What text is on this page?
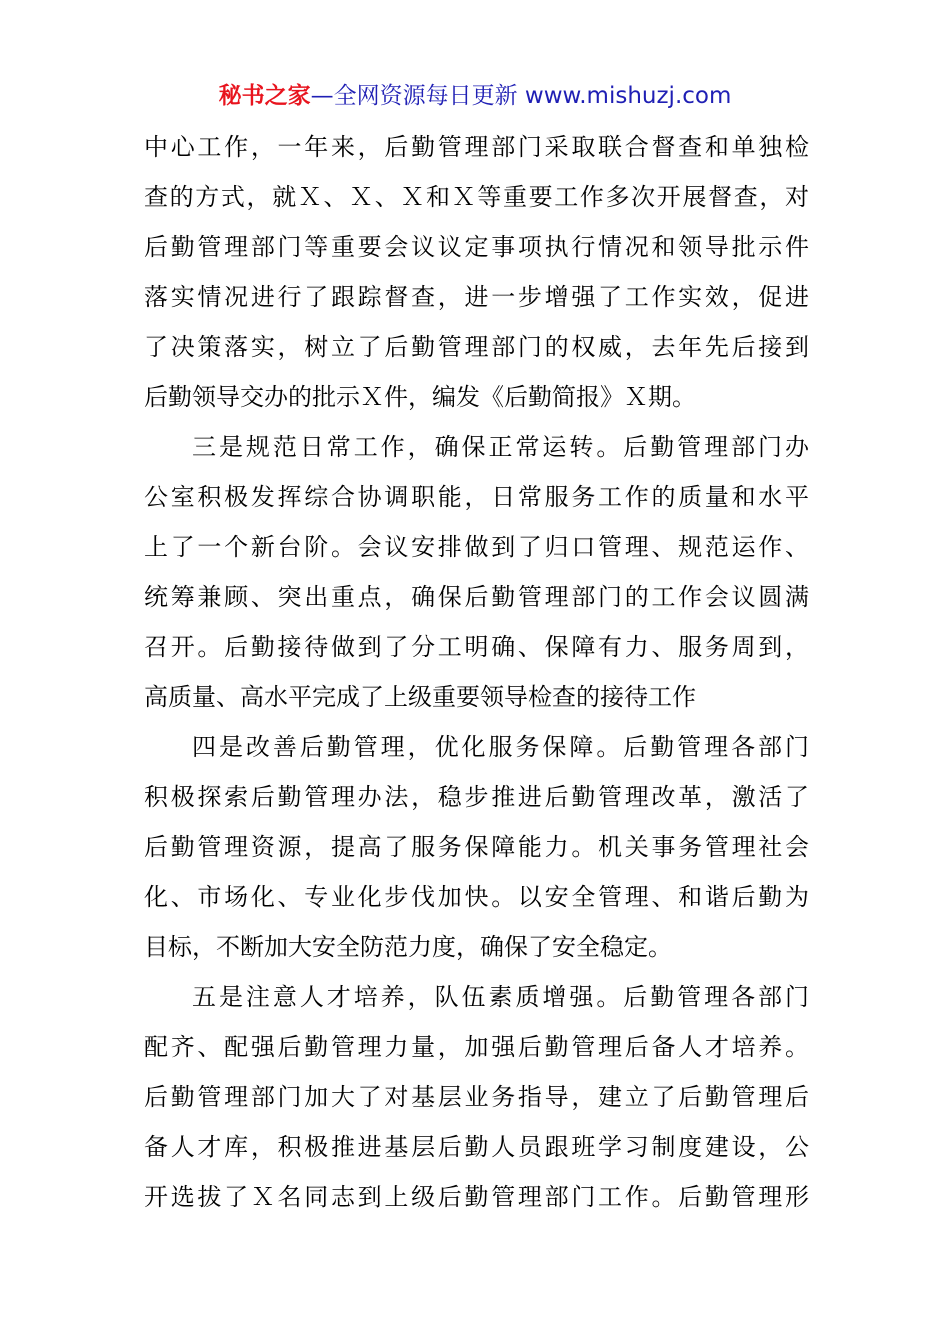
秘书之家—全网资源每日更新 www.mishuzj.com
中心工作，一年来，后勤管理部门采取联合督查和单独检
查的方式，就Ｘ、Ｘ、Ｘ和Ｘ等重要工作多次开展督查，对
后勤管理部门等重要会议议定事项执行情况和领导批示件
落实情况进行了跟踪督查，进一步增强了工作实效，促进
了决策落实，树立了后勤管理部门的权威，去年先后接到
后勤领导交办的批示Ｘ件，编发《后勤简报》Ｘ期。
三是规范日常工作，确保正常运转。后勤管理部门办
公室积极发挥综合协调职能，日常服务工作的质量和水平
上了一个新台阶。会议安排做到了归口管理、规范运作、
统筹兼顾、突出重点，确保后勤管理部门的工作会议圆满
召开。后勤接待做到了分工明确、保障有力、服务周到，
高质量、高水平完成了上级重要领导检查的接待工作
四是改善后勤管理，优化服务保障。后勤管理各部门
积极探索后勤管理办法，稳步推进后勤管理改革，激活了
后勤管理资源，提高了服务保障能力。机关事务管理社会
化、市场化、专业化步伐加快。以安全管理、和谐后勤为
目标，不断加大安全防范力度，确保了安全稳定。
五是注意人才培养，队伍素质增强。后勤管理各部门
配齐、配强后勤管理力量，加强后勤管理后备人才培养。
后勤管理部门加大了对基层业务指导，建立了后勤管理后
备人才库，积极推进基层后勤人员跟班学习制度建设，公
开选拔了Ｘ名同志到上级后勤管理部门工作。后勤管理形
